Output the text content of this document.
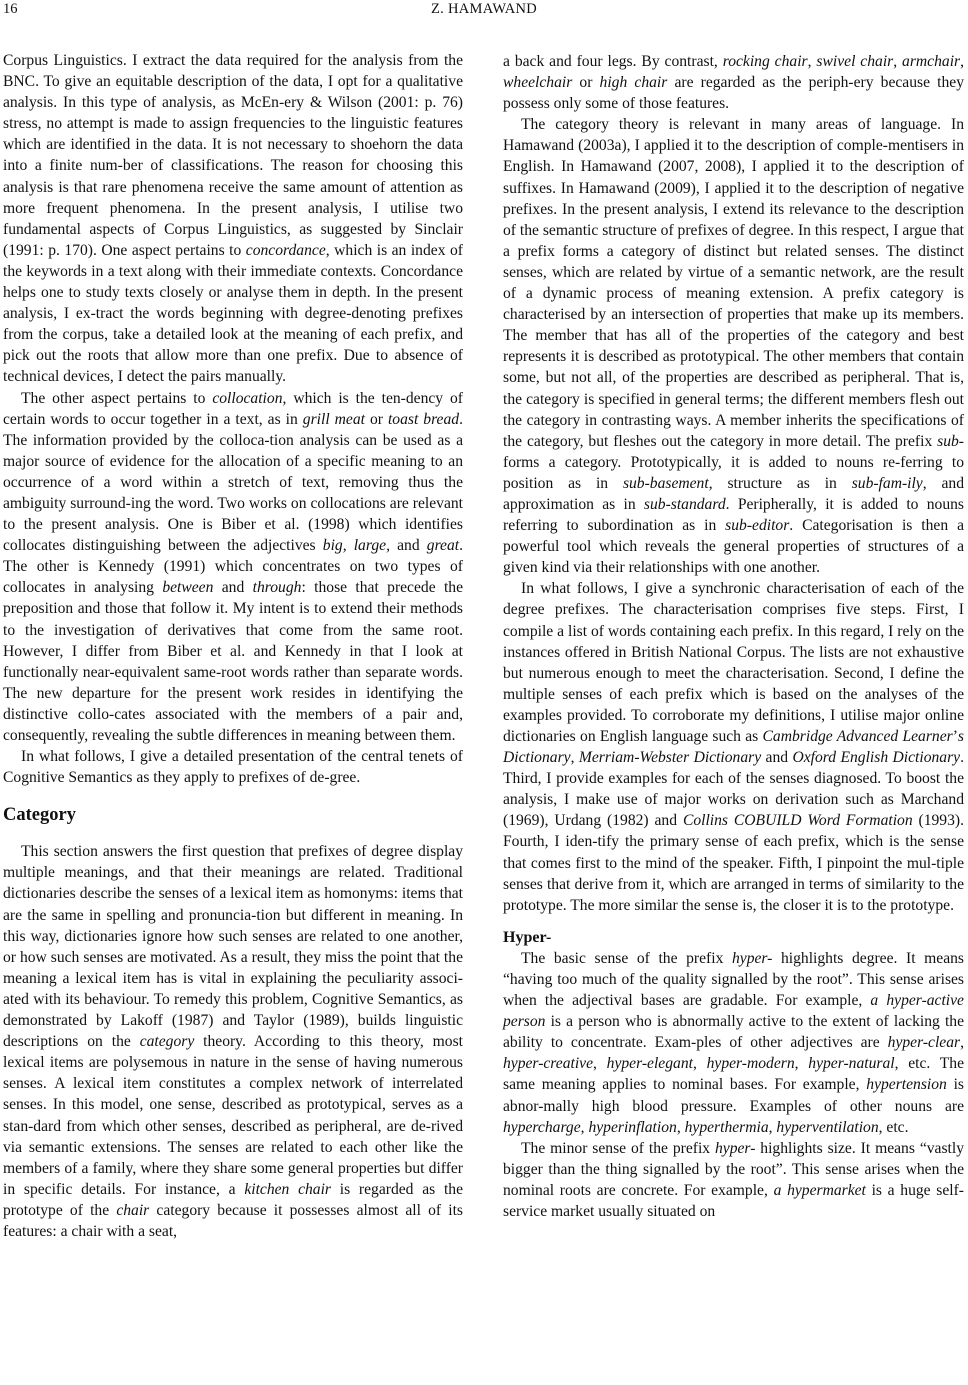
16	Z. HAMAWAND

Corpus Linguistics. I extract the data required for the analysis from the BNC. To give an equitable description of the data, I opt for a qualitative analysis. In this type of analysis, as McEn-ery & Wilson (2001: p. 76) stress, no attempt is made to assign frequencies to the linguistic features which are identified in the data. It is not necessary to shoehorn the data into a finite num-ber of classifications. The reason for choosing this analysis is that rare phenomena receive the same amount of attention as more frequent phenomena. In the present analysis, I utilise two fundamental aspects of Corpus Linguistics, as suggested by Sinclair (1991: p. 170). One aspect pertains to concordance, which is an index of the keywords in a text along with their immediate contexts. Concordance helps one to study texts closely or analyse them in depth. In the present analysis, I ex-tract the words beginning with degree-denoting prefixes from the corpus, take a detailed look at the meaning of each prefix, and pick out the roots that allow more than one prefix. Due to absence of technical devices, I detect the pairs manually.

The other aspect pertains to collocation, which is the ten-dency of certain words to occur together in a text, as in grill meat or toast bread. The information provided by the colloca-tion analysis can be used as a major source of evidence for the allocation of a specific meaning to an occurrence of a word within a stretch of text, removing thus the ambiguity surround-ing the word. Two works on collocations are relevant to the present analysis. One is Biber et al. (1998) which identifies collocates distinguishing between the adjectives big, large, and great. The other is Kennedy (1991) which concentrates on two types of collocates in analysing between and through: those that precede the preposition and those that follow it. My intent is to extend their methods to the investigation of derivatives that come from the same root. However, I differ from Biber et al. and Kennedy in that I look at functionally near-equivalent same-root words rather than separate words. The new departure for the present work resides in identifying the distinctive collo-cates associated with the members of a pair and, consequently, revealing the subtle differences in meaning between them.

In what follows, I give a detailed presentation of the central tenets of Cognitive Semantics as they apply to prefixes of de-gree.

Category

This section answers the first question that prefixes of degree display multiple meanings, and that their meanings are related. Traditional dictionaries describe the senses of a lexical item as homonyms: items that are the same in spelling and pronuncia-tion but different in meaning. In this way, dictionaries ignore how such senses are related to one another, or how such senses are motivated. As a result, they miss the point that the meaning a lexical item has is vital in explaining the peculiarity associ-ated with its behaviour. To remedy this problem, Cognitive Semantics, as demonstrated by Lakoff (1987) and Taylor (1989), builds linguistic descriptions on the category theory. According to this theory, most lexical items are polysemous in nature in the sense of having numerous senses. A lexical item constitutes a complex network of interrelated senses. In this model, one sense, described as prototypical, serves as a stan-dard from which other senses, described as peripheral, are de-rived via semantic extensions. The senses are related to each other like the members of a family, where they share some general properties but differ in specific details. For instance, a kitchen chair is regarded as the prototype of the chair category because it possesses almost all of its features: a chair with a seat,

a back and four legs. By contrast, rocking chair, swivel chair, armchair, wheelchair or high chair are regarded as the periph-ery because they possess only some of those features.

The category theory is relevant in many areas of language. In Hamawand (2003a), I applied it to the description of comple-mentisers in English. In Hamawand (2007, 2008), I applied it to the description of suffixes. In Hamawand (2009), I applied it to the description of negative prefixes. In the present analysis, I extend its relevance to the description of the semantic structure of prefixes of degree. In this respect, I argue that a prefix forms a category of distinct but related senses. The distinct senses, which are related by virtue of a semantic network, are the result of a dynamic process of meaning extension. A prefix category is characterised by an intersection of properties that make up its members. The member that has all of the properties of the category and best represents it is described as prototypical. The other members that contain some, but not all, of the properties are described as peripheral. That is, the category is specified in general terms; the different members flesh out the category in contrasting ways. A member inherits the specifications of the category, but fleshes out the category in more detail. The prefix sub- forms a category. Prototypically, it is added to nouns re-ferring to position as in sub-basement, structure as in sub-fam-ily, and approximation as in sub-standard. Peripherally, it is added to nouns referring to subordination as in sub-editor. Categorisation is then a powerful tool which reveals the general properties of structures of a given kind via their relationships with one another.

In what follows, I give a synchronic characterisation of each of the degree prefixes. The characterisation comprises five steps. First, I compile a list of words containing each prefix. In this regard, I rely on the instances offered in British National Corpus. The lists are not exhaustive but numerous enough to meet the characterisation. Second, I define the multiple senses of each prefix which is based on the analyses of the examples provided. To corroborate my definitions, I utilise major online dictionaries on English language such as Cambridge Advanced Learner’s Dictionary, Merriam-Webster Dictionary and Oxford English Dictionary. Third, I provide examples for each of the senses diagnosed. To boost the analysis, I make use of major works on derivation such as Marchand (1969), Urdang (1982) and Collins COBUILD Word Formation (1993). Fourth, I iden-tify the primary sense of each prefix, which is the sense that comes first to the mind of the speaker. Fifth, I pinpoint the mul-tiple senses that derive from it, which are arranged in terms of similarity to the prototype. The more similar the sense is, the closer it is to the prototype.

Hyper-

The basic sense of the prefix hyper- highlights degree. It means “having too much of the quality signalled by the root”. This sense arises when the adjectival bases are gradable. For example, a hyper-active person is a person who is abnormally active to the extent of lacking the ability to concentrate. Exam-ples of other adjectives are hyper-clear, hyper-creative, hyper-elegant, hyper-modern, hyper-natural, etc. The same meaning applies to nominal bases. For example, hypertension is abnor-mally high blood pressure. Examples of other nouns are hypercharge, hyperinflation, hyperthermia, hyperventilation, etc.

The minor sense of the prefix hyper- highlights size. It means “vastly bigger than the thing signalled by the root”. This sense arises when the nominal roots are concrete. For example, a hypermarket is a huge self-service market usually situated on
